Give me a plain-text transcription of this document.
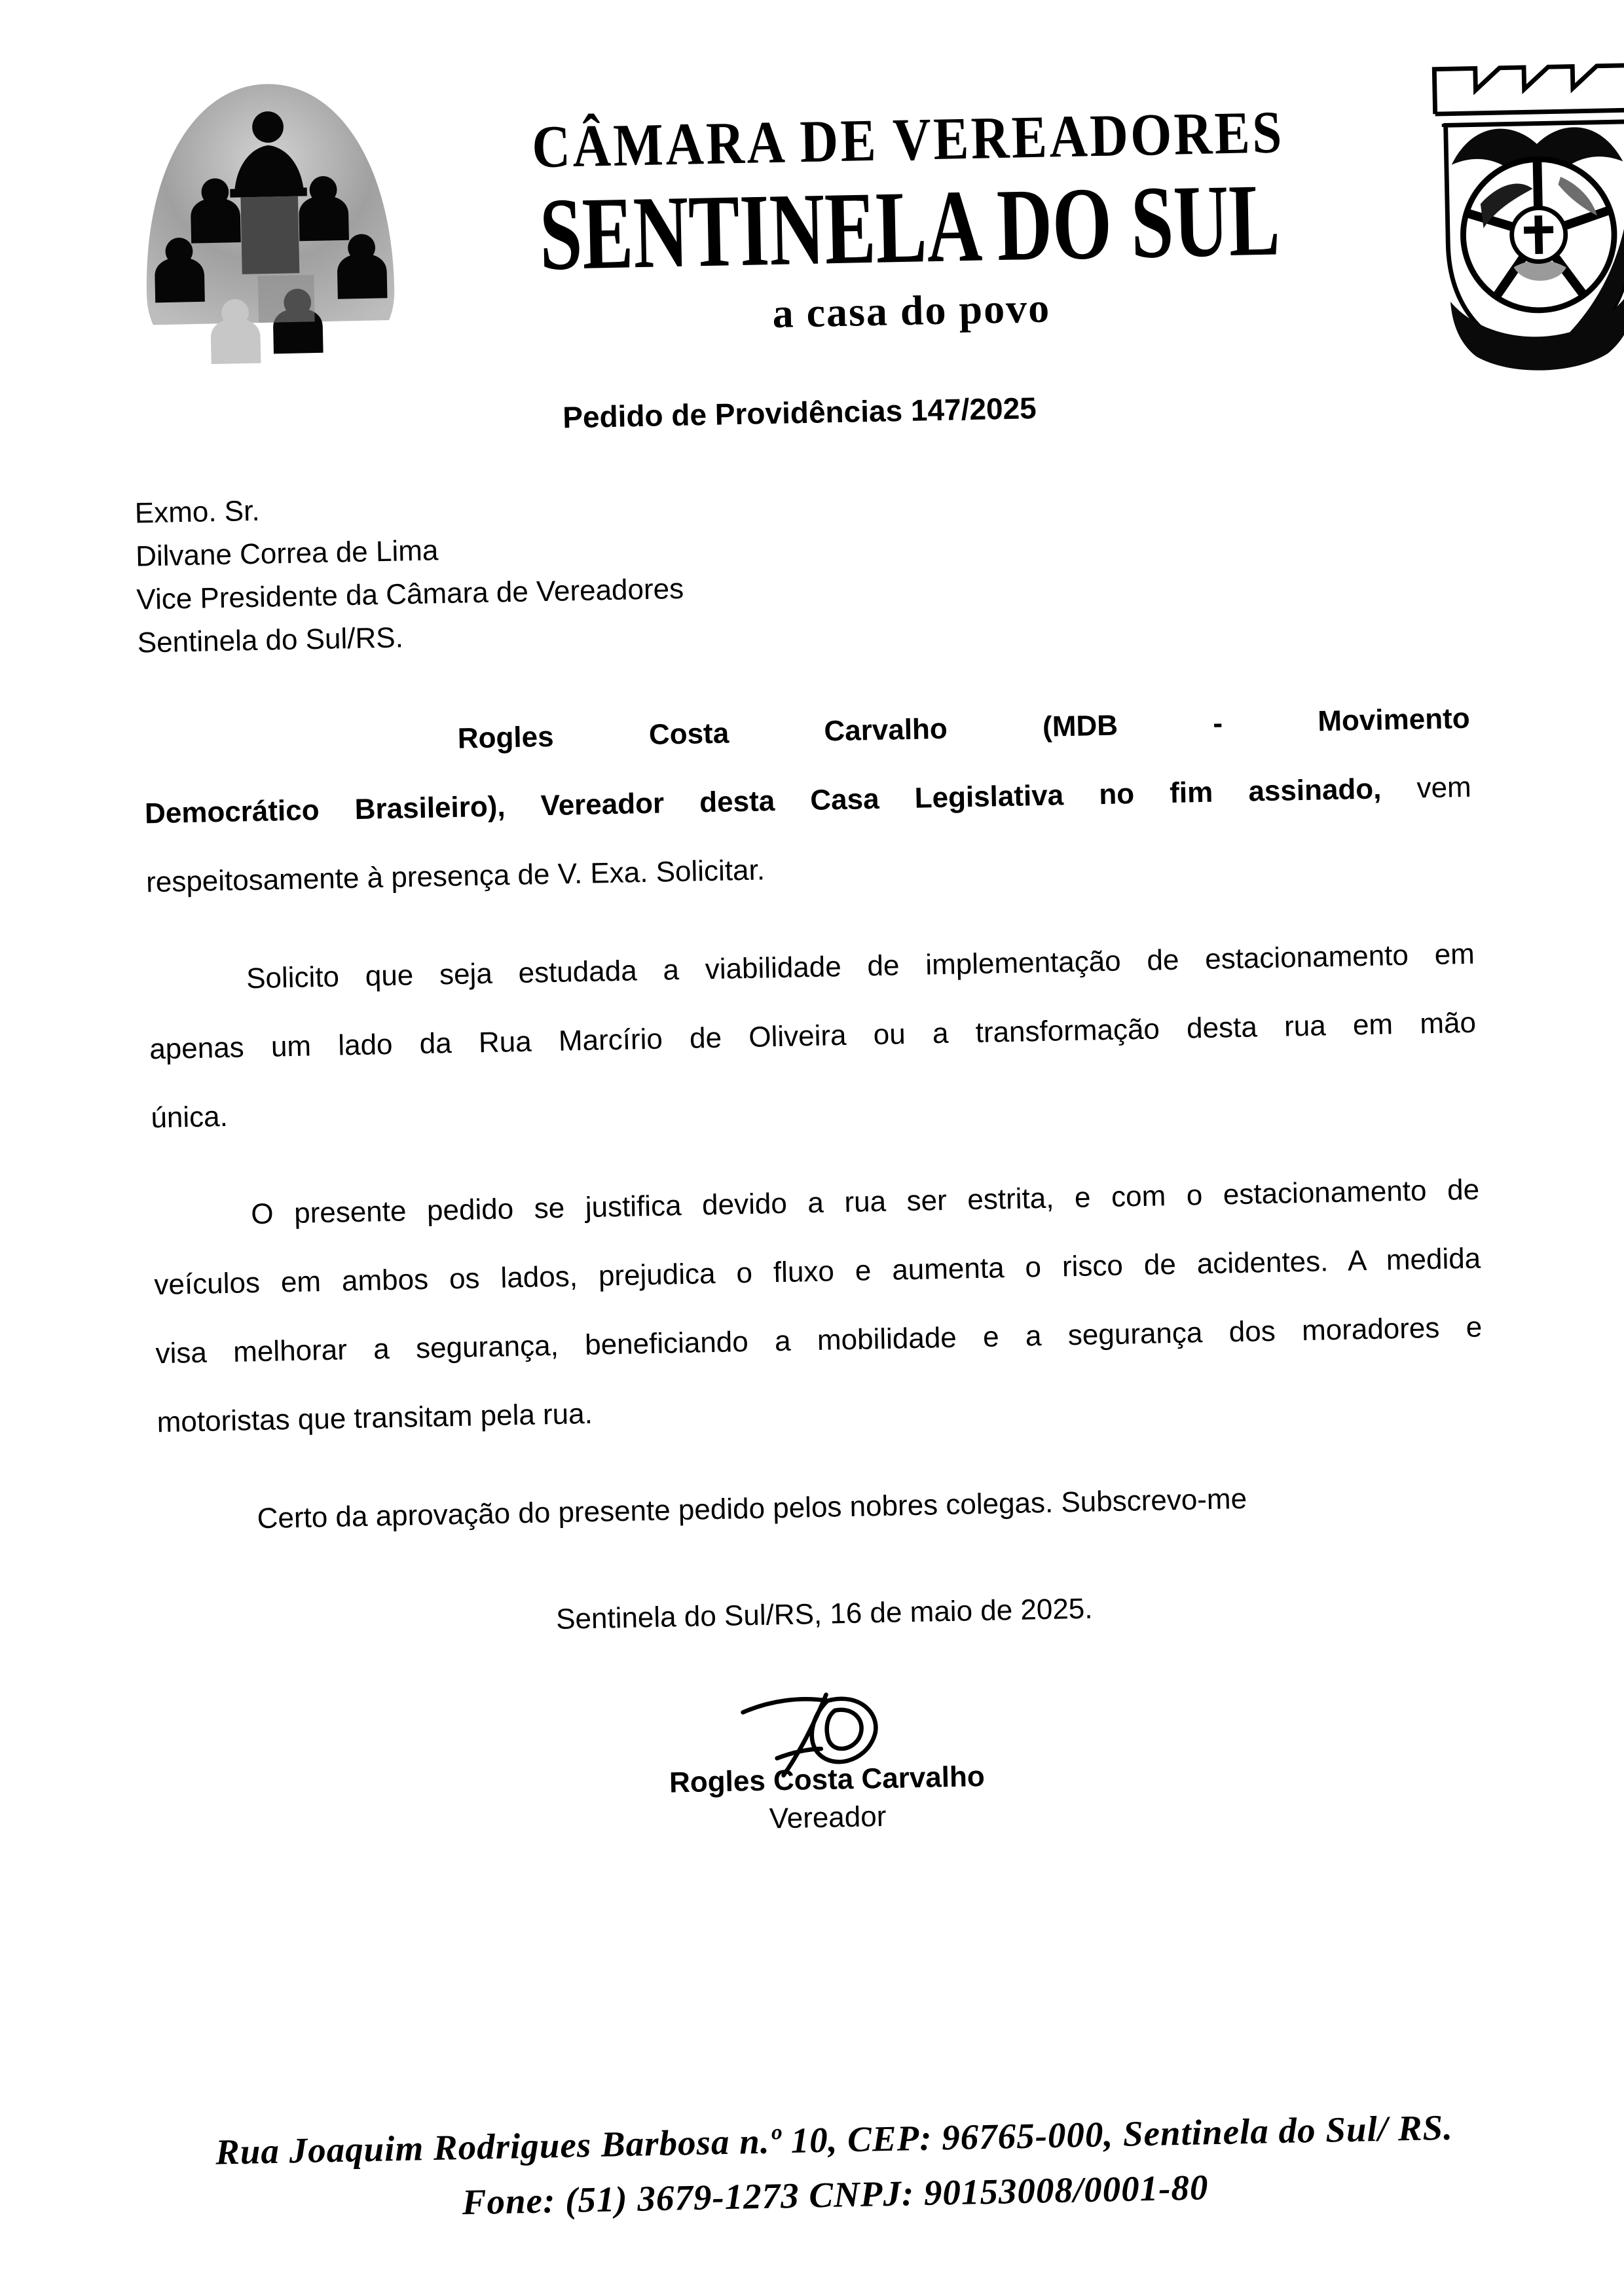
CÂMARA DE VEREADORES
SENTINELA DO SUL
a casa do povo
Pedido de Providências 147/2025
Exmo. Sr.
Dilvane Correa de Lima
Vice Presidente da Câmara de Vereadores
Sentinela do Sul/RS.
Rogles Costa Carvalho (MDB - Movimento
Democrático Brasileiro), Vereador desta Casa Legislativa no fim assinado, vem
respeitosamente à presença de V. Exa. Solicitar.
Solicito que seja estudada a viabilidade de implementação de estacionamento em
apenas um lado da Rua Marcírio de Oliveira ou a transformação desta rua em mão
única.
O presente pedido se justifica devido a rua ser estrita, e com o estacionamento de
veículos em ambos os lados, prejudica o fluxo e aumenta o risco de acidentes. A medida
visa melhorar a segurança, beneficiando a mobilidade e a segurança dos moradores e
motoristas que transitam pela rua.
Certo da aprovação do presente pedido pelos nobres colegas. Subscrevo-me
Sentinela do Sul/RS, 16 de maio de 2025.
Rogles Costa Carvalho
Vereador
Rua Joaquim Rodrigues Barbosa n.º 10, CEP: 96765-000, Sentinela do Sul/ RS.
Fone: (51) 3679-1273 CNPJ: 90153008/0001-80
